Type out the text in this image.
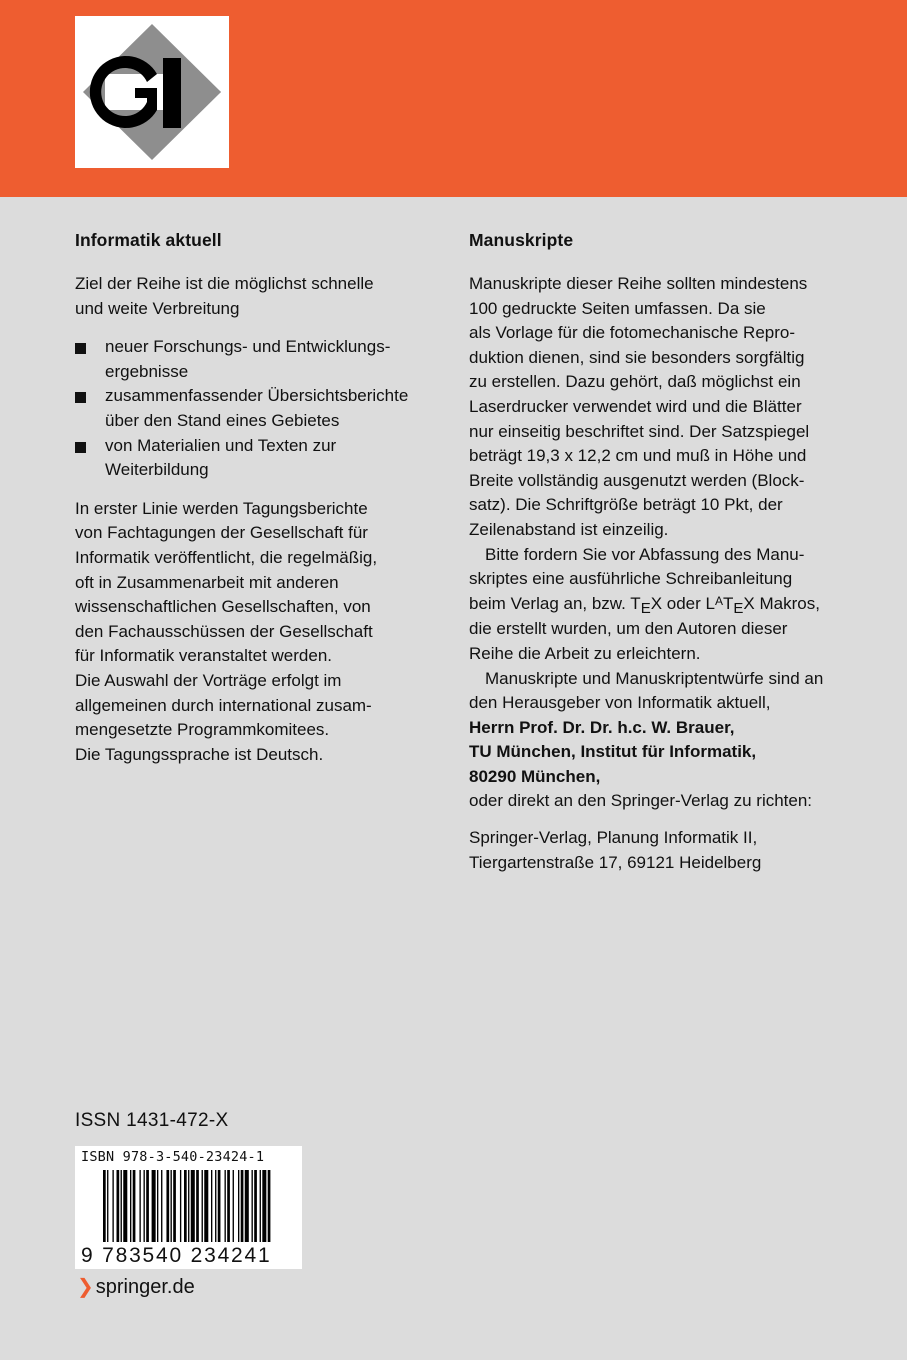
Informatik aktuell
Ziel der Reihe ist die möglichst schnelle
und weite Verbreitung
neuer Forschungs- und Entwicklungs-
ergebnisse
zusammenfassender Übersichtsberichte
über den Stand eines Gebietes
von Materialien und Texten zur
Weiterbildung
In erster Linie werden Tagungsberichte
von Fachtagungen der Gesellschaft für
Informatik veröffentlicht, die regelmäßig,
oft in Zusammenarbeit mit anderen
wissenschaftlichen Gesellschaften, von
den Fachausschüssen der Gesellschaft
für Informatik veranstaltet werden.
Die Auswahl der Vorträge erfolgt im
allgemeinen durch international zusam-
mengesetzte Programmkomitees.
Die Tagungssprache ist Deutsch.
Manuskripte
Manuskripte dieser Reihe sollten mindestens
100 gedruckte Seiten umfassen. Da sie
als Vorlage für die fotomechanische Repro-
duktion dienen, sind sie besonders sorgfältig
zu erstellen. Dazu gehört, daß möglichst ein
Laserdrucker verwendet wird und die Blätter
nur einseitig beschriftet sind. Der Satzspiegel
beträgt 19,3 x 12,2 cm und muß in Höhe und
Breite vollständig ausgenutzt werden (Block-
satz). Die Schriftgröße beträgt 10 Pkt, der
Zeilenabstand ist einzeilig.
Bitte fordern Sie vor Abfassung des Manu-
skriptes eine ausführliche Schreibanleitung
beim Verlag an, bzw. TEX oder $L^ATEX$ Makros,
die erstellt wurden, um den Autoren dieser
Reihe die Arbeit zu erleichtern.
Manuskripte und Manuskriptentwürfe sind an
den Herausgeber von Informatik aktuell,
Herrn Prof. Dr. Dr. h.c. W. Brauer,
TU München, Institut für Informatik,
80290 München,
oder direkt an den Springer-Verlag zu richten:
Springer-Verlag, Planung Informatik II,
Tiergartenstraße 17, 69121 Heidelberg
ISSN 1431-472-X
ISBN 978-3-540-23424-1
9 783540 234241
❯ springer.de
